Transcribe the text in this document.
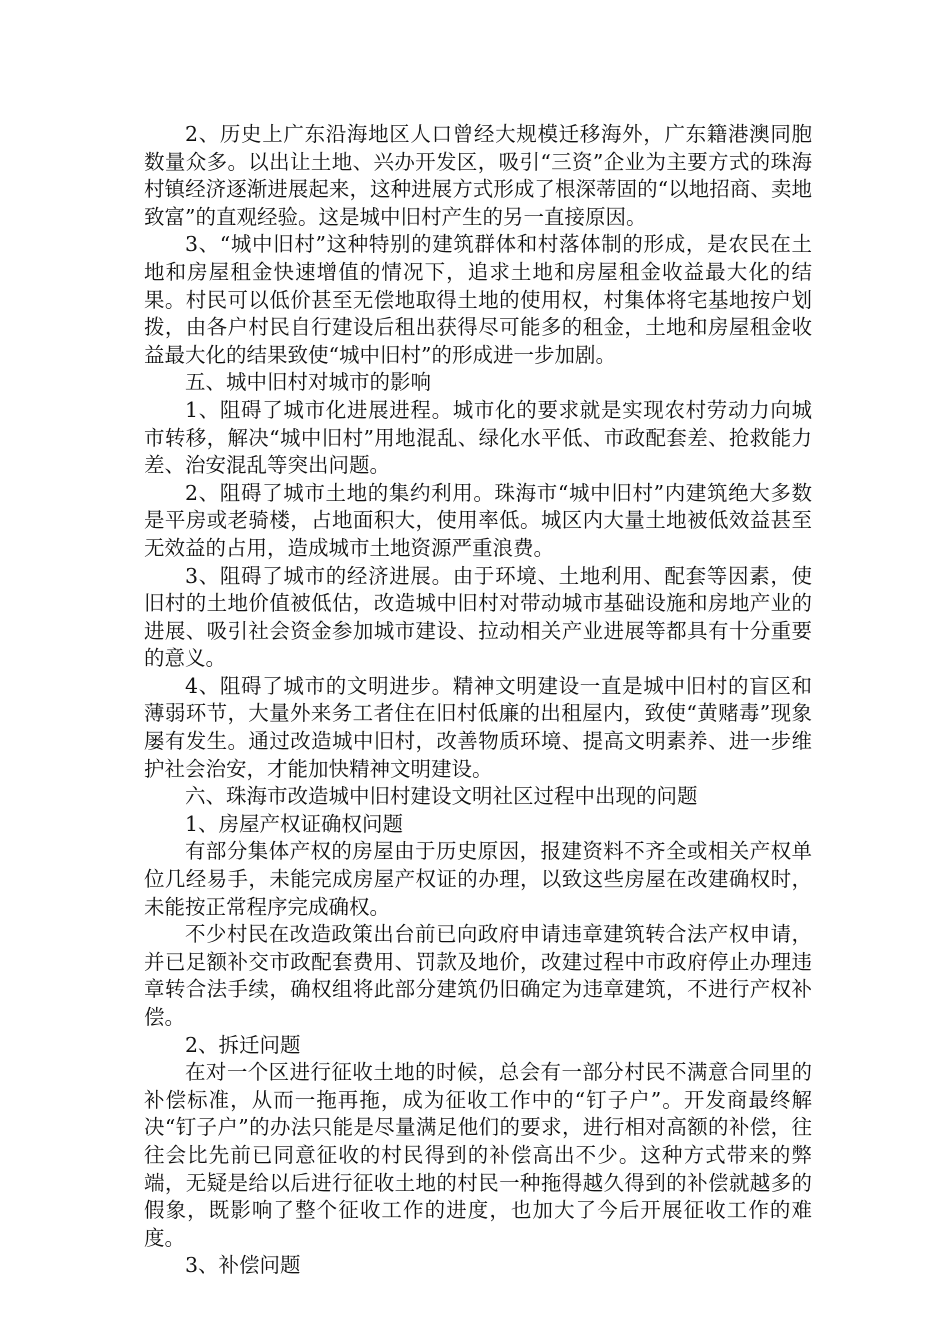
2、历史上广东沿海地区人口曾经大规模迁移海外，广东籍港澳同胞数量众多。以出让土地、兴办开发区，吸引“三资”企业为主要方式的珠海村镇经济逐渐进展起来，这种进展方式形成了根深蒂固的“以地招商、卖地致富”的直观经验。这是城中旧村产生的另一直接原因。

3、“城中旧村”这种特别的建筑群体和村落体制的形成，是农民在土地和房屋租金快速增值的情况下，追求土地和房屋租金收益最大化的结果。村民可以低价甚至无偿地取得土地的使用权，村集体将宅基地按户划拨，由各户村民自行建设后租出获得尽可能多的租金，土地和房屋租金收益最大化的结果致使“城中旧村”的形成进一步加剧。

五、城中旧村对城市的影响

1、阻碍了城市化进展进程。城市化的要求就是实现农村劳动力向城市转移，解决“城中旧村”用地混乱、绿化水平低、市政配套差、抢救能力差、治安混乱等突出问题。

2、阻碍了城市土地的集约利用。珠海市“城中旧村”内建筑绝大多数是平房或老骑楼，占地面积大，使用率低。城区内大量土地被低效益甚至无效益的占用，造成城市土地资源严重浪费。

3、阻碍了城市的经济进展。由于环境、土地利用、配套等因素，使旧村的土地价值被低估，改造城中旧村对带动城市基础设施和房地产业的进展、吸引社会资金参加城市建设、拉动相关产业进展等都具有十分重要的意义。

4、阻碍了城市的文明进步。精神文明建设一直是城中旧村的盲区和薄弱环节，大量外来务工者住在旧村低廉的出租屋内，致使“黄赌毒”现象屡有发生。通过改造城中旧村，改善物质环境、提高文明素养、进一步维护社会治安，才能加快精神文明建设。

六、珠海市改造城中旧村建设文明社区过程中出现的问题

1、房屋产权证确权问题

有部分集体产权的房屋由于历史原因，报建资料不齐全或相关产权单位几经易手，未能完成房屋产权证的办理，以致这些房屋在改建确权时，未能按正常程序完成确权。

不少村民在改造政策出台前已向政府申请违章建筑转合法产权申请，并已足额补交市政配套费用、罚款及地价，改建过程中市政府停止办理违章转合法手续，确权组将此部分建筑仍旧确定为违章建筑，不进行产权补偿。

2、拆迁问题

在对一个区进行征收土地的时候，总会有一部分村民不满意合同里的补偿标准，从而一拖再拖，成为征收工作中的“钉子户”。开发商最终解决“钉子户”的办法只能是尽量满足他们的要求，进行相对高额的补偿，往往会比先前已同意征收的村民得到的补偿高出不少。这种方式带来的弊端，无疑是给以后进行征收土地的村民一种拖得越久得到的补偿就越多的假象，既影响了整个征收工作的进度，也加大了今后开展征收工作的难度。

3、补偿问题
